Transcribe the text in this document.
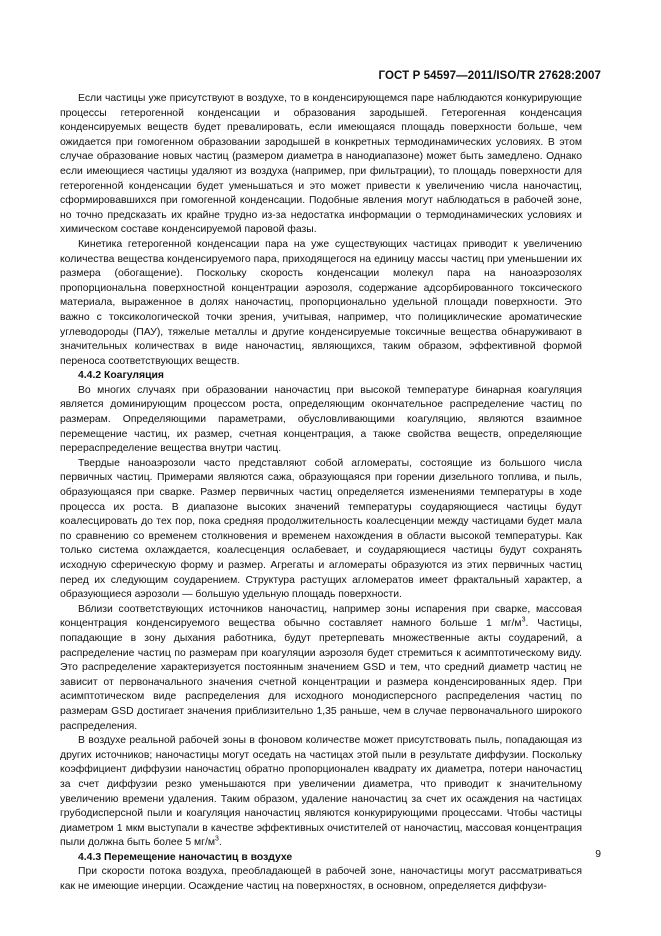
ГОСТ Р 54597—2011/ISO/TR 27628:2007

Если частицы уже присутствуют в воздухе, то в конденсирующемся паре наблюдаются конкурирующие процессы гетерогенной конденсации и образования зародышей. Гетерогенная конденсация конденсируемых веществ будет превалировать, если имеющаяся площадь поверхности больше, чем ожидается при гомогенном образовании зародышей в конкретных термодинамических условиях. В этом случае образование новых частиц (размером диаметра в нанодиапазоне) может быть замедлено. Однако если имеющиеся частицы удаляют из воздуха (например, при фильтрации), то площадь поверхности для гетерогенной конденсации будет уменьшаться и это может привести к увеличению числа наночастиц, сформировавшихся при гомогенной конденсации. Подобные явления могут наблюдаться в рабочей зоне, но точно предсказать их крайне трудно из-за недостатка информации о термодинамических условиях и химическом составе конденсируемой паровой фазы.

Кинетика гетерогенной конденсации пара на уже существующих частицах приводит к увеличению количества вещества конденсируемого пара, приходящегося на единицу массы частиц при уменьшении их размера (обогащение). Поскольку скорость конденсации молекул пара на наноаэрозолях пропорциональна поверхностной концентрации аэрозоля, содержание адсорбированного токсического материала, выраженное в долях наночастиц, пропорционально удельной площади поверхности. Это важно с токсикологической точки зрения, учитывая, например, что полициклические ароматические углеводороды (ПАУ), тяжелые металлы и другие конденсируемые токсичные вещества обнаруживают в значительных количествах в виде наночастиц, являющихся, таким образом, эффективной формой переноса соответствующих веществ.

4.4.2 Коагуляция

Во многих случаях при образовании наночастиц при высокой температуре бинарная коагуляция является доминирующим процессом роста, определяющим окончательное распределение частиц по размерам. Определяющими параметрами, обусловливающими коагуляцию, являются взаимное перемещение частиц, их размер, счетная концентрация, а также свойства веществ, определяющие перераспределение вещества внутри частиц.

Твердые наноаэрозоли часто представляют собой агломераты, состоящие из большого числа первичных частиц. Примерами являются сажа, образующаяся при горении дизельного топлива, и пыль, образующаяся при сварке. Размер первичных частиц определяется изменениями температуры в ходе процесса их роста. В диапазоне высоких значений температуры соударяющиеся частицы будут коалесцировать до тех пор, пока средняя продолжительность коалесценции между частицами будет мала по сравнению со временем столкновения и временем нахождения в области высокой температуры. Как только система охлаждается, коалесценция ослабевает, и соударяющиеся частицы будут сохранять исходную сферическую форму и размер. Агрегаты и агломераты образуются из этих первичных частиц перед их следующим соударением. Структура растущих агломератов имеет фрактальный характер, а образующиеся аэрозоли — большую удельную площадь поверхности.

Вблизи соответствующих источников наночастиц, например зоны испарения при сварке, массовая концентрация конденсируемого вещества обычно составляет намного больше 1 $мг/м^3$. Частицы, попадающие в зону дыхания работника, будут претерпевать множественные акты соударений, а распределение частиц по размерам при коагуляции аэрозоля будет стремиться к асимптотическому виду. Это распределение характеризуется постоянным значением GSD и тем, что средний диаметр частиц не зависит от первоначального значения счетной концентрации и размера конденсированных ядер. При асимптотическом виде распределения для исходного монодисперсного распределения частиц по размерам GSD достигает значения приблизительно 1,35 раньше, чем в случае первоначального широкого распределения.

В воздухе реальной рабочей зоны в фоновом количестве может присутствовать пыль, попадающая из других источников; наночастицы могут оседать на частицах этой пыли в результате диффузии. Поскольку коэффициент диффузии наночастиц обратно пропорционален квадрату их диаметра, потери наночастиц за счет диффузии резко уменьшаются при увеличении диаметра, что приводит к значительному увеличению времени удаления. Таким образом, удаление наночастиц за счет их осаждения на частицах грубодисперсной пыли и коагуляция наночастиц являются конкурирующими процессами. Чтобы частицы диаметром 1 мкм выступали в качестве эффективных очистителей от наночастиц, массовая концентрация пыли должна быть более 5 $мг/м^3$.

4.4.3 Перемещение наночастиц в воздухе

При скорости потока воздуха, преобладающей в рабочей зоне, наночастицы могут рассматриваться как не имеющие инерции. Осаждение частиц на поверхностях, в основном, определяется диффузи-

9
